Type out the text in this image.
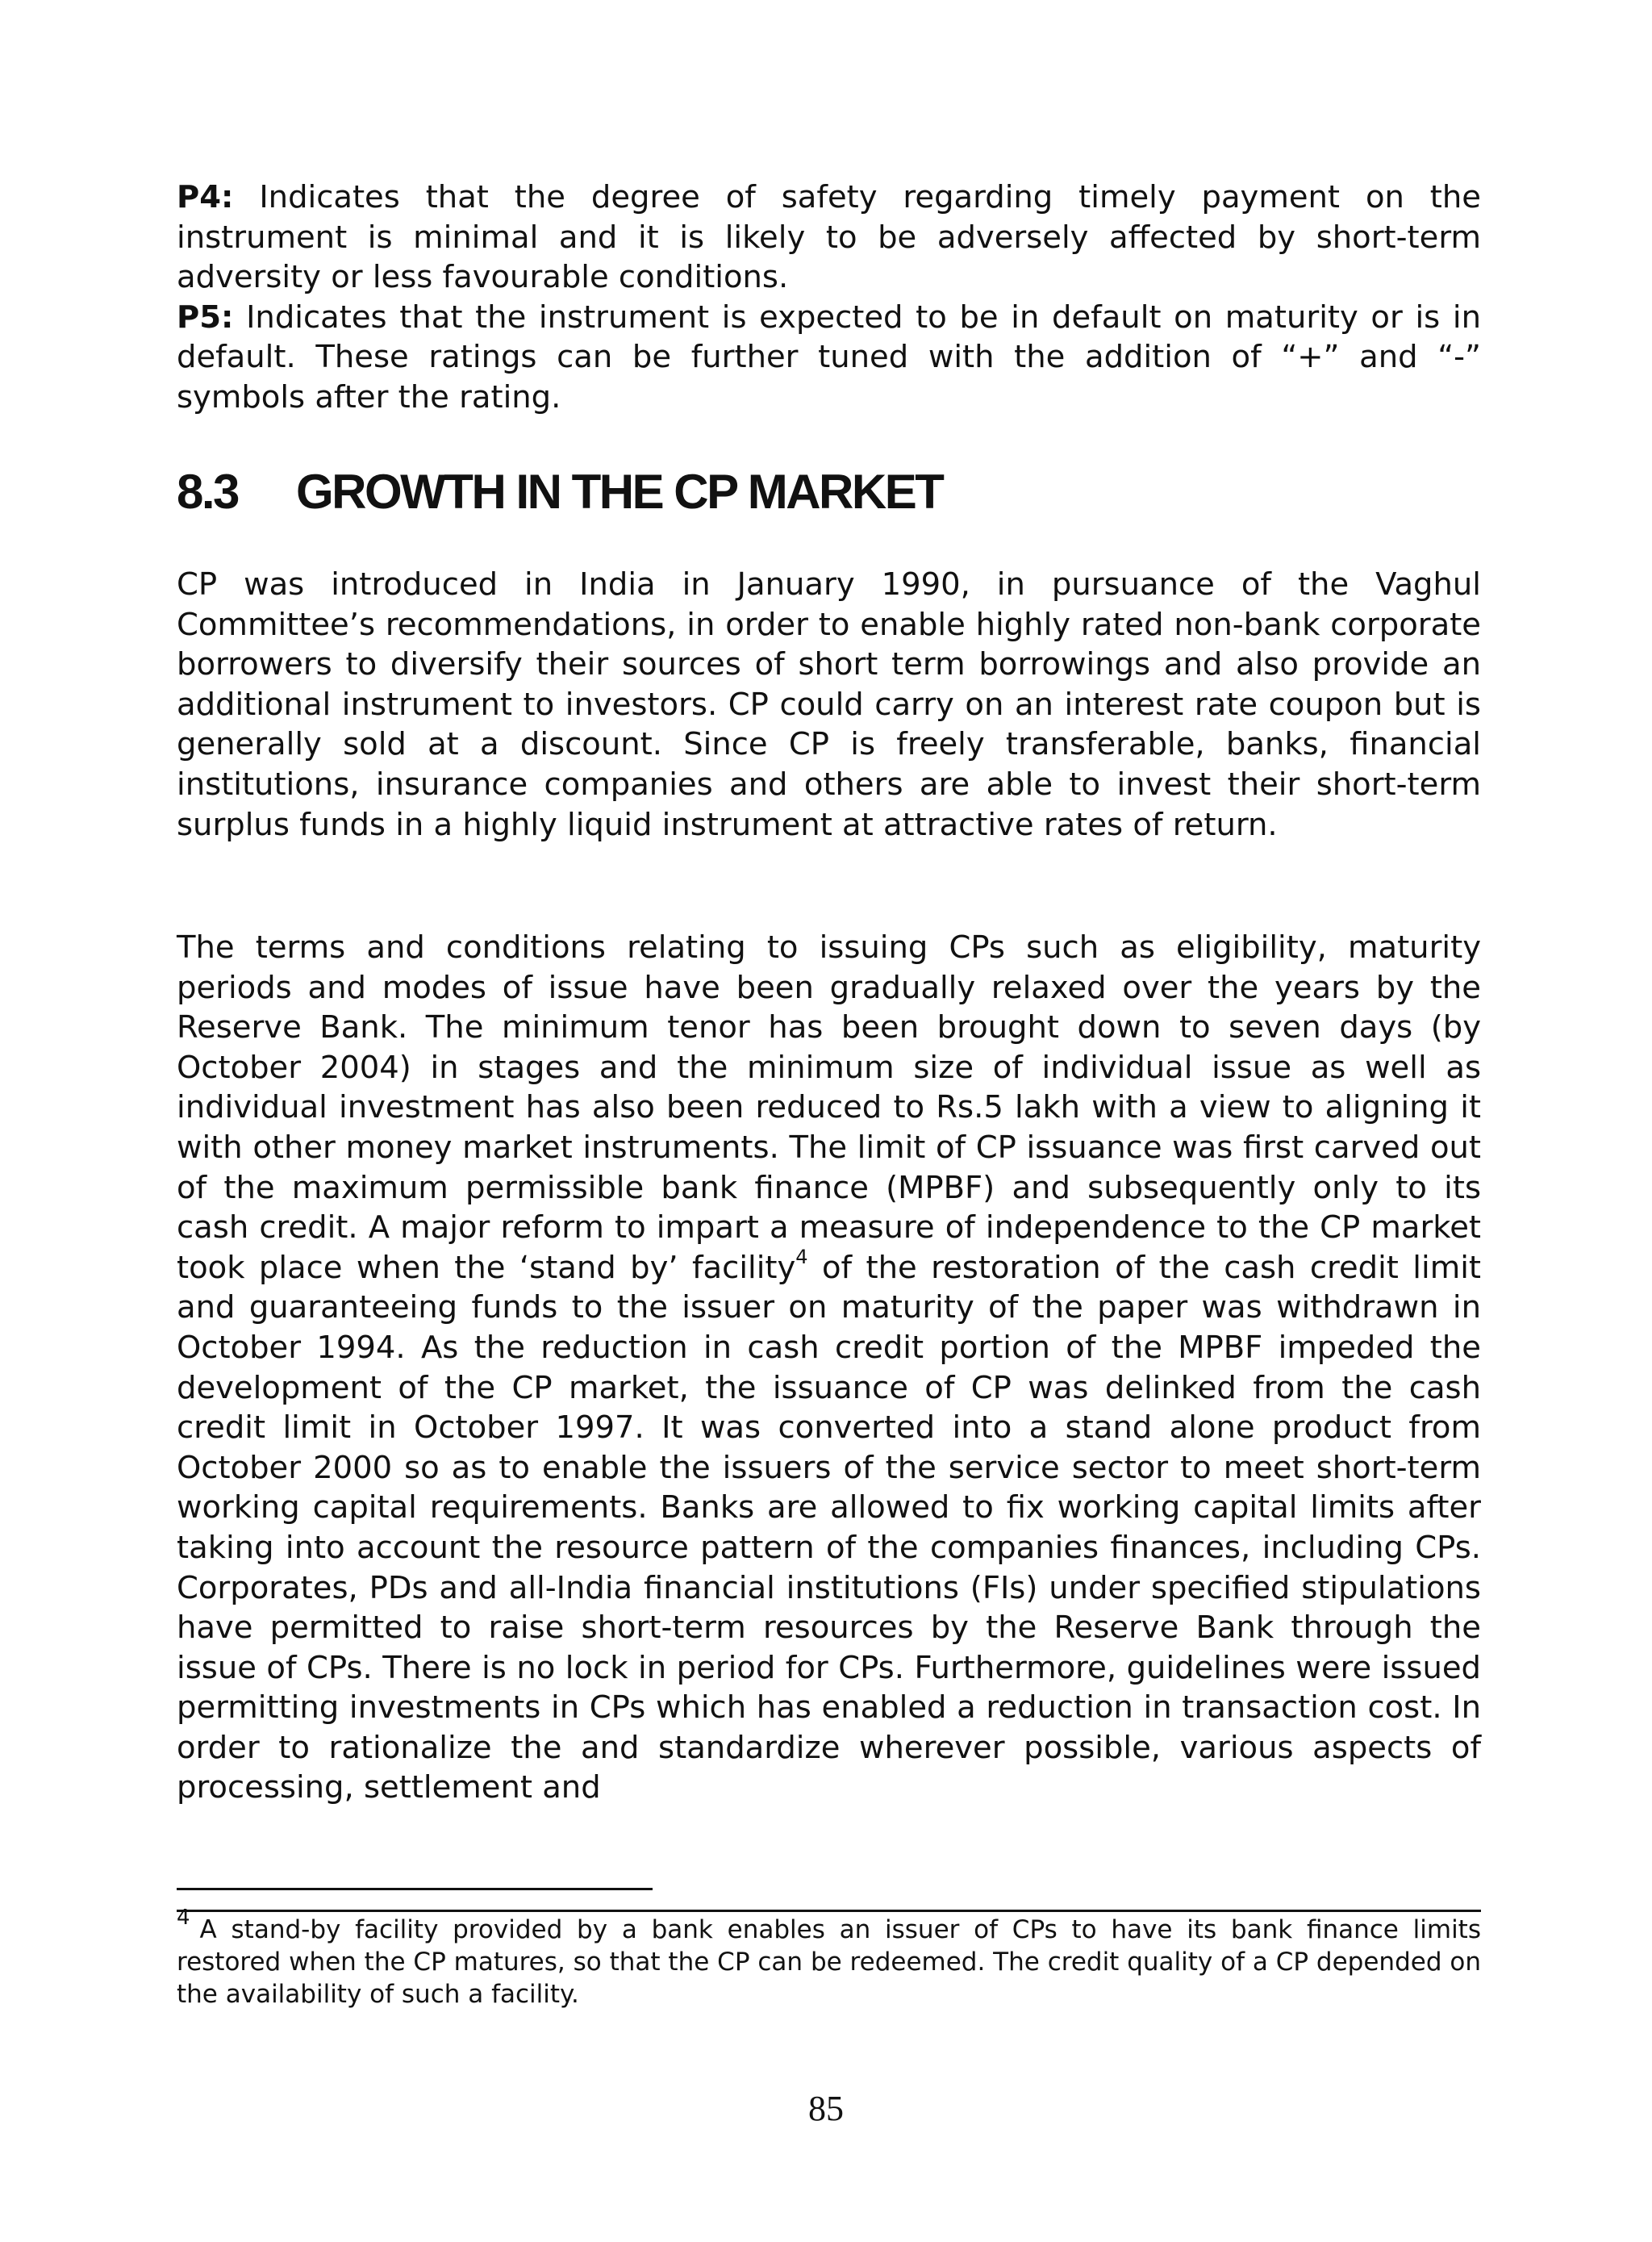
P4: Indicates that the degree of safety regarding timely payment on the instrument is minimal and it is likely to be adversely affected by short-term adversity or less favourable conditions.
P5: Indicates that the instrument is expected to be in default on maturity or is in default. These ratings can be further tuned with the addition of “+” and “-” symbols after the rating.
8.3 GROWTH IN THE CP MARKET

CP was introduced in India in January 1990, in pursuance of the Vaghul Committee’s recommendations, in order to enable highly rated non-bank corporate borrowers to diversify their sources of short term borrowings and also provide an additional instrument to investors. CP could carry on an interest rate coupon but is generally sold at a discount. Since CP is freely transferable, banks, financial institutions, insurance companies and others are able to invest their short-term surplus funds in a highly liquid instrument at attractive rates of return.

The terms and conditions relating to issuing CPs such as eligibility, maturity periods and modes of issue have been gradually relaxed over the years by the Reserve Bank. The minimum tenor has been brought down to seven days (by October 2004) in stages and the minimum size of individual issue as well as individual investment has also been reduced to Rs.5 lakh with a view to aligning it with other money market instruments. The limit of CP issuance was first carved out of the maximum permissible bank finance (MPBF) and subsequently only to its cash credit. A major reform to impart a measure of independence to the CP market took place when the ‘stand by’ facility$^4$ of the restoration of the cash credit limit and guaranteeing funds to the issuer on maturity of the paper was withdrawn in October 1994. As the reduction in cash credit portion of the MPBF impeded the development of the CP market, the issuance of CP was delinked from the cash credit limit in October 1997. It was converted into a stand alone product from October 2000 so as to enable the issuers of the service sector to meet short-term working capital requirements. Banks are allowed to fix working capital limits after taking into account the resource pattern of the companies finances, including CPs. Corporates, PDs and all-India financial institutions (FIs) under specified stipulations have permitted to raise short-term resources by the Reserve Bank through the issue of CPs. There is no lock in period for CPs. Furthermore, guidelines were issued permitting investments in CPs which has enabled a reduction in transaction cost. In order to rationalize the and standardize wherever possible, various aspects of processing, settlement and

$^4$ A stand-by facility provided by a bank enables an issuer of CPs to have its bank finance limits restored when the CP matures, so that the CP can be redeemed. The credit quality of a CP depended on the availability of such a facility.

85
